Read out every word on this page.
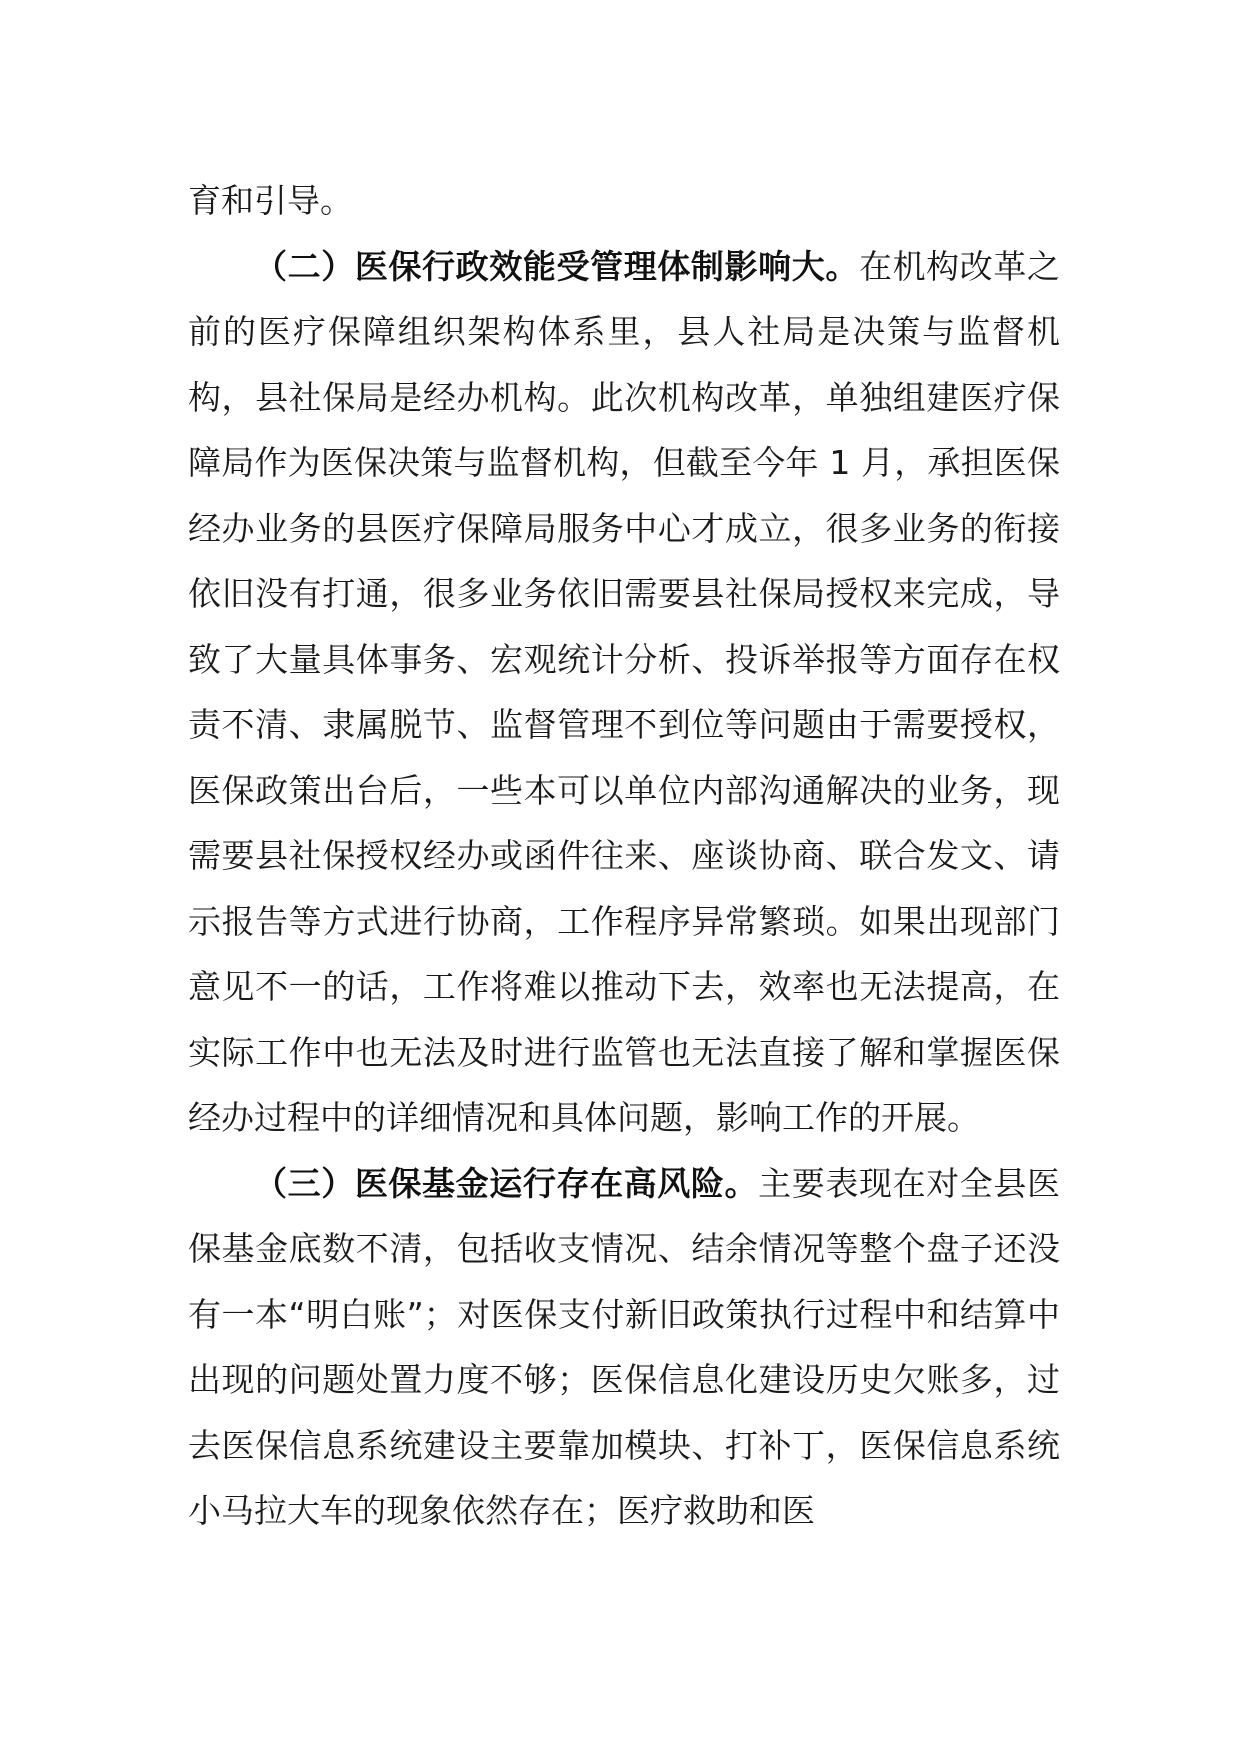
育和引导。

（二）医保行政效能受管理体制影响大。在机构改革之前的医疗保障组织架构体系里，县人社局是决策与监督机构，县社保局是经办机构。此次机构改革，单独组建医疗保障局作为医保决策与监督机构，但截至今年 1 月，承担医保经办业务的县医疗保障局服务中心才成立，很多业务的衔接依旧没有打通，很多业务依旧需要县社保局授权来完成，导致了大量具体事务、宏观统计分析、投诉举报等方面存在权责不清、隶属脱节、监督管理不到位等问题由于需要授权，医保政策出台后，一些本可以单位内部沟通解决的业务，现需要县社保授权经办或函件往来、座谈协商、联合发文、请示报告等方式进行协商，工作程序异常繁琐。如果出现部门意见不一的话，工作将难以推动下去，效率也无法提高，在实际工作中也无法及时进行监管也无法直接了解和掌握医保经办过程中的详细情况和具体问题，影响工作的开展。

（三）医保基金运行存在高风险。主要表现在对全县医保基金底数不清，包括收支情况、结余情况等整个盘子还没有一本“明白账”；对医保支付新旧政策执行过程中和结算中出现的问题处置力度不够；医保信息化建设历史欠账多，过去医保信息系统建设主要靠加模块、打补丁，医保信息系统小马拉大车的现象依然存在；医疗救助和医
